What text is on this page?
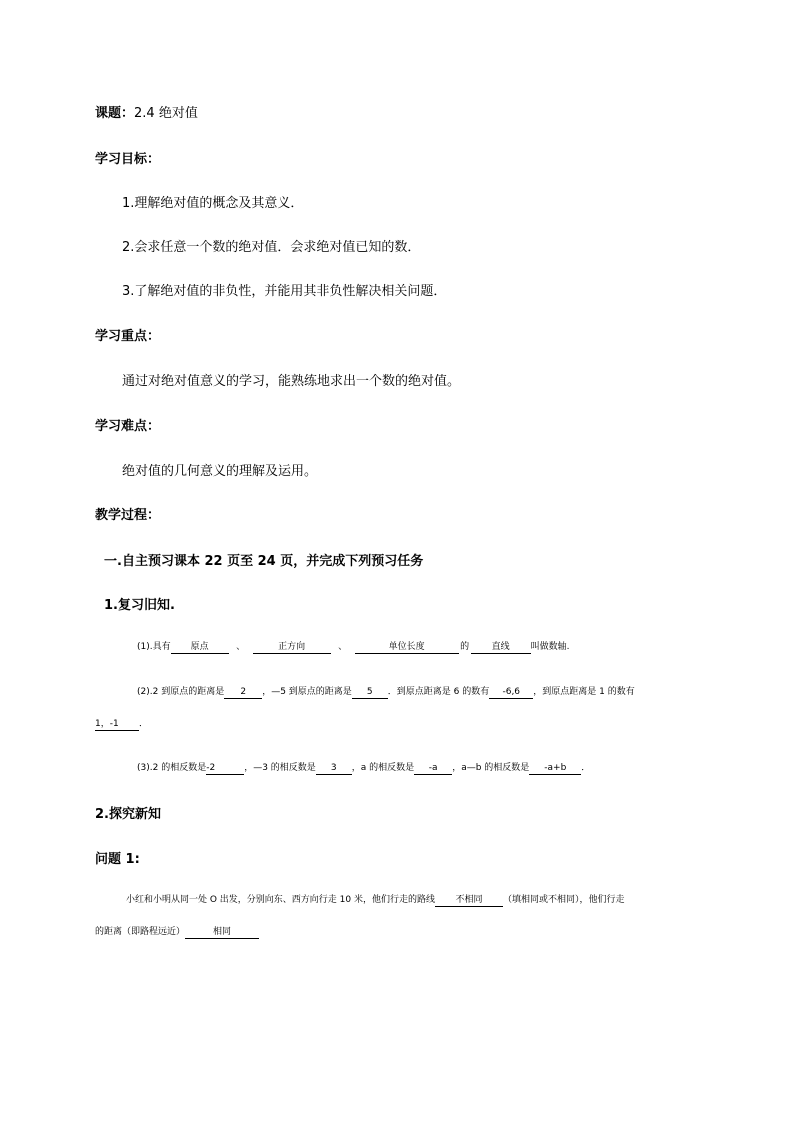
课题：2.4 绝对值
学习目标：
1.理解绝对值的概念及其意义．
2.会求任意一个数的绝对值．会求绝对值已知的数．
3.了解绝对值的非负性，并能用其非负性解决相关问题．
学习重点：
通过对绝对值意义的学习，能熟练地求出一个数的绝对值。
学习难点：
绝对值的几何意义的理解及运用。
教学过程：
一.自主预习课本 22 页至 24 页，并完成下列预习任务
1.复习旧知.
(1).具有 原点	、	正方向	、	单位长度	的 直线 叫做数轴.
(2).2 到原点的距离是 2 ，—5 到原点的距离是 5 ．到原点距离是 6 的数有 -6,6 ，到原点距离是 1 的数有
1，-1 ．
(3).2 的相反数是-2	，—3 的相反数是 3 ，a 的相反数是 -a ，a—b 的相反数是 -a+b ．
2.探究新知
问题 1:
小红和小明从同一处 O 出发，分别向东、西方向行走 10 米，他们行走的路线 不相同 （填相同或不相同），他们行走
的距离（即路程远近）	相同
